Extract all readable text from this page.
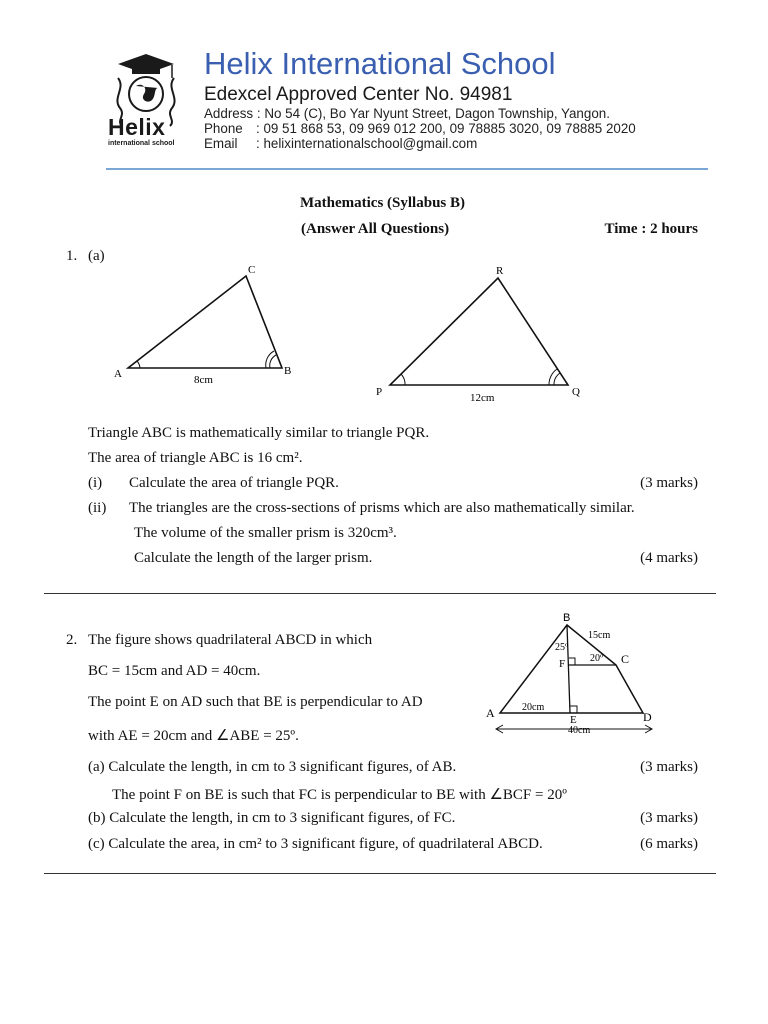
Helix
international school
Helix International School
Edexcel Approved Center No. 94981
Address : No 54 (C), Bo Yar Nyunt Street, Dagon Township, Yangon.
Phone : 09 51 868 53, 09 969 012 200, 09 78885 3020, 09 78885 2020
Email : helixinternationalschool@gmail.com
Mathematics (Syllabus B)
(Answer All Questions)	Time : 2 hours
1. (a)
C
A	B
8cm
R
P	Q
12cm
Triangle ABC is mathematically similar to triangle PQR.
The area of triangle ABC is 16 cm².
(i) Calculate the area of triangle PQR.	(3 marks)
(ii) The triangles are the cross-sections of prisms which are also mathematically similar.
The volume of the smaller prism is 320cm³.
Calculate the length of the larger prism.	(4 marks)
2. The figure shows quadrilateral ABCD in which
BC = 15cm and AD = 40cm.
The point E on AD such that BE is perpendicular to AD
with AE = 20cm and ∠ABE = 25º.
B
15cm
25º
F 20º C
A	20cm
E	D
40cm
(a) Calculate the length, in cm to 3 significant figures, of AB.	(3 marks)
The point F on BE is such that FC is perpendicular to BE with ∠BCF = 20º
(b) Calculate the length, in cm to 3 significant figures, of FC.	(3 marks)
(c) Calculate the area, in cm² to 3 significant figure, of quadrilateral ABCD.	(6 marks)
